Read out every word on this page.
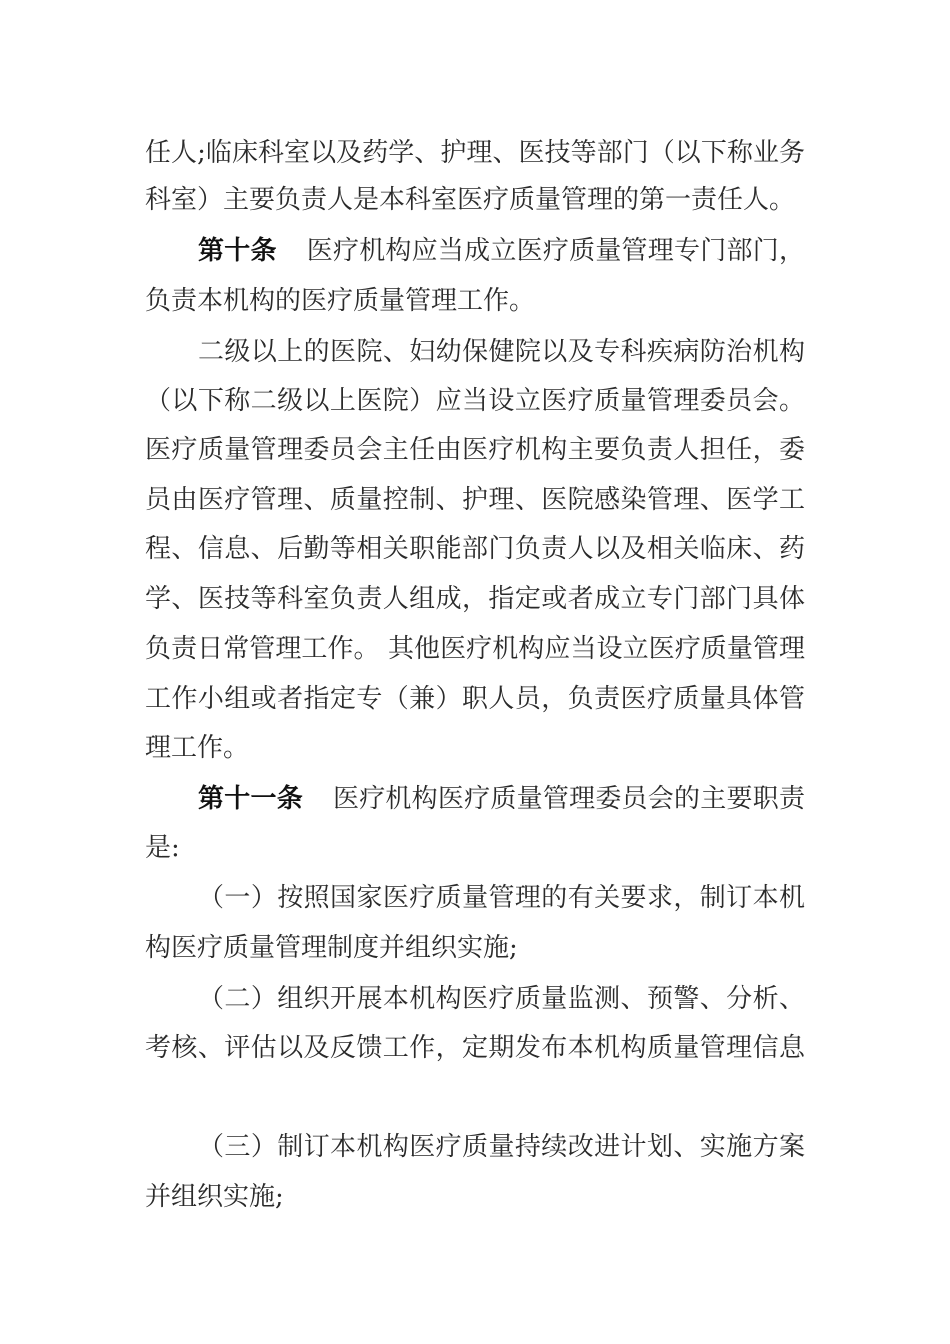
任人;临床科室以及药学、护理、医技等部门（以下称业务
科室）主要负责人是本科室医疗质量管理的第一责任人。
第十条 医疗机构应当成立医疗质量管理专门部门，
负责本机构的医疗质量管理工作。
二级以上的医院、妇幼保健院以及专科疾病防治机构
（以下称二级以上医院）应当设立医疗质量管理委员会。
医疗质量管理委员会主任由医疗机构主要负责人担任，委
员由医疗管理、质量控制、护理、医院感染管理、医学工
程、信息、后勤等相关职能部门负责人以及相关临床、药
学、医技等科室负责人组成，指定或者成立专门部门具体
负责日常管理工作。 其他医疗机构应当设立医疗质量管理
工作小组或者指定专（兼）职人员，负责医疗质量具体管
理工作。
第十一条 医疗机构医疗质量管理委员会的主要职责
是:
（一）按照国家医疗质量管理的有关要求，制订本机
构医疗质量管理制度并组织实施;
（二）组织开展本机构医疗质量监测、预警、分析、
考核、评估以及反馈工作，定期发布本机构质量管理信息
（三）制订本机构医疗质量持续改进计划、实施方案
并组织实施;
